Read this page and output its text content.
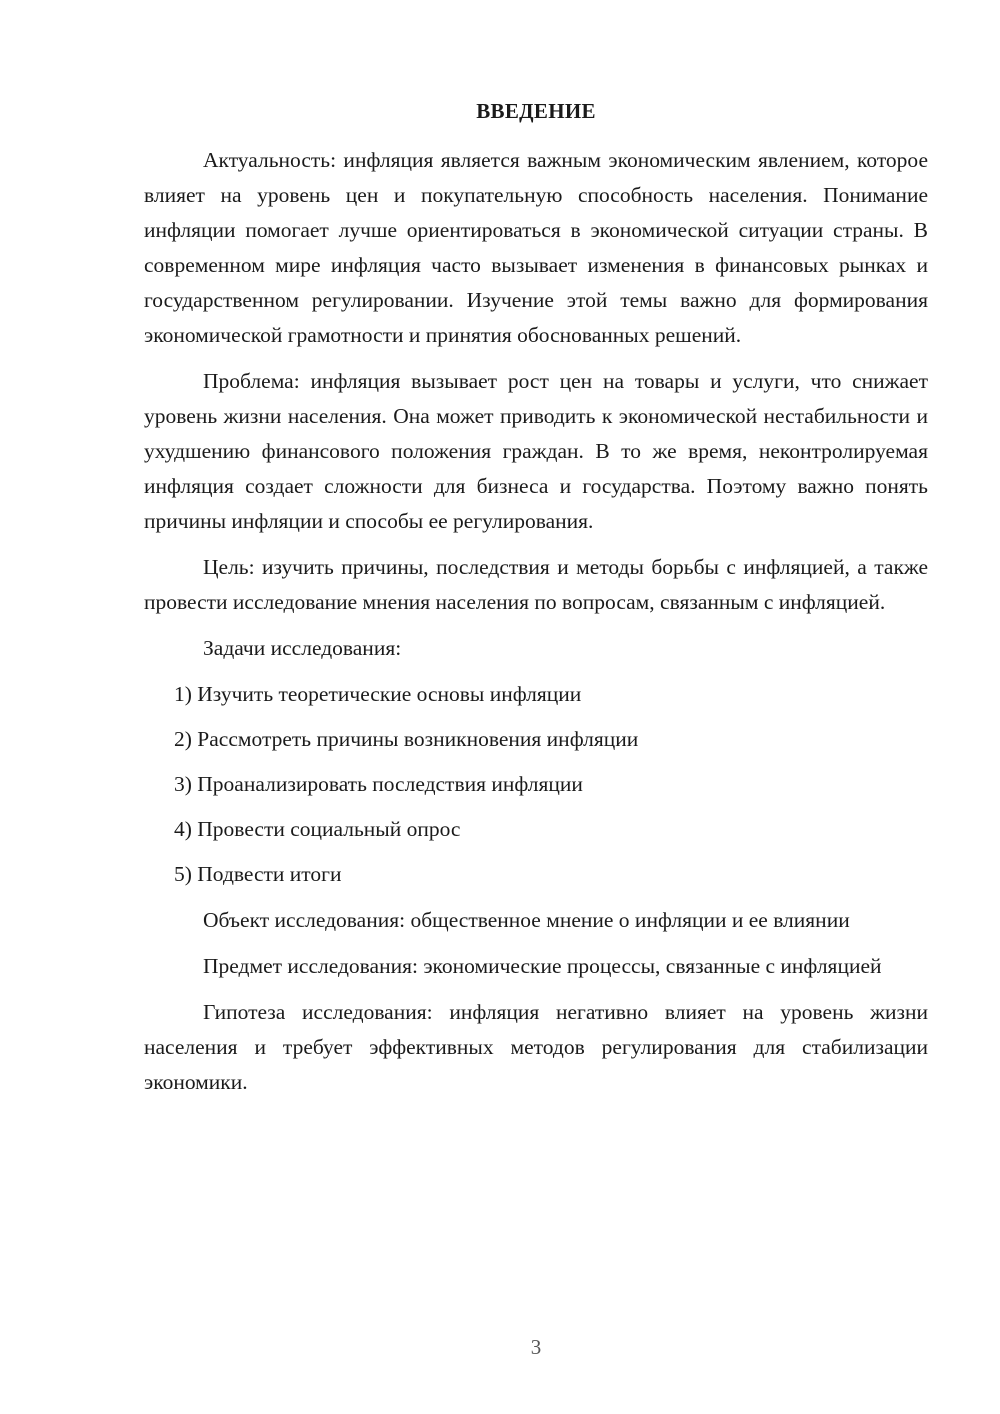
ВВЕДЕНИЕ

Актуальность: инфляция является важным экономическим явлением, которое влияет на уровень цен и покупательную способность населения. Понимание инфляции помогает лучше ориентироваться в экономической ситуации страны. В современном мире инфляция часто вызывает изменения в финансовых рынках и государственном регулировании. Изучение этой темы важно для формирования экономической грамотности и принятия обоснованных решений.

Проблема: инфляция вызывает рост цен на товары и услуги, что снижает уровень жизни населения. Она может приводить к экономической нестабильности и ухудшению финансового положения граждан. В то же время, неконтролируемая инфляция создает сложности для бизнеса и государства. Поэтому важно понять причины инфляции и способы ее регулирования.

Цель: изучить причины, последствия и методы борьбы с инфляцией, а также провести исследование мнения населения по вопросам, связанным с инфляцией.

Задачи исследования:

1) Изучить теоретические основы инфляции
2) Рассмотреть причины возникновения инфляции
3) Проанализировать последствия инфляции
4) Провести социальный опрос
5) Подвести итоги

Объект исследования: общественное мнение о инфляции и ее влиянии

Предмет исследования: экономические процессы, связанные с инфляцией

Гипотеза исследования: инфляция негативно влияет на уровень жизни населения и требует эффективных методов регулирования для стабилизации экономики.

3
